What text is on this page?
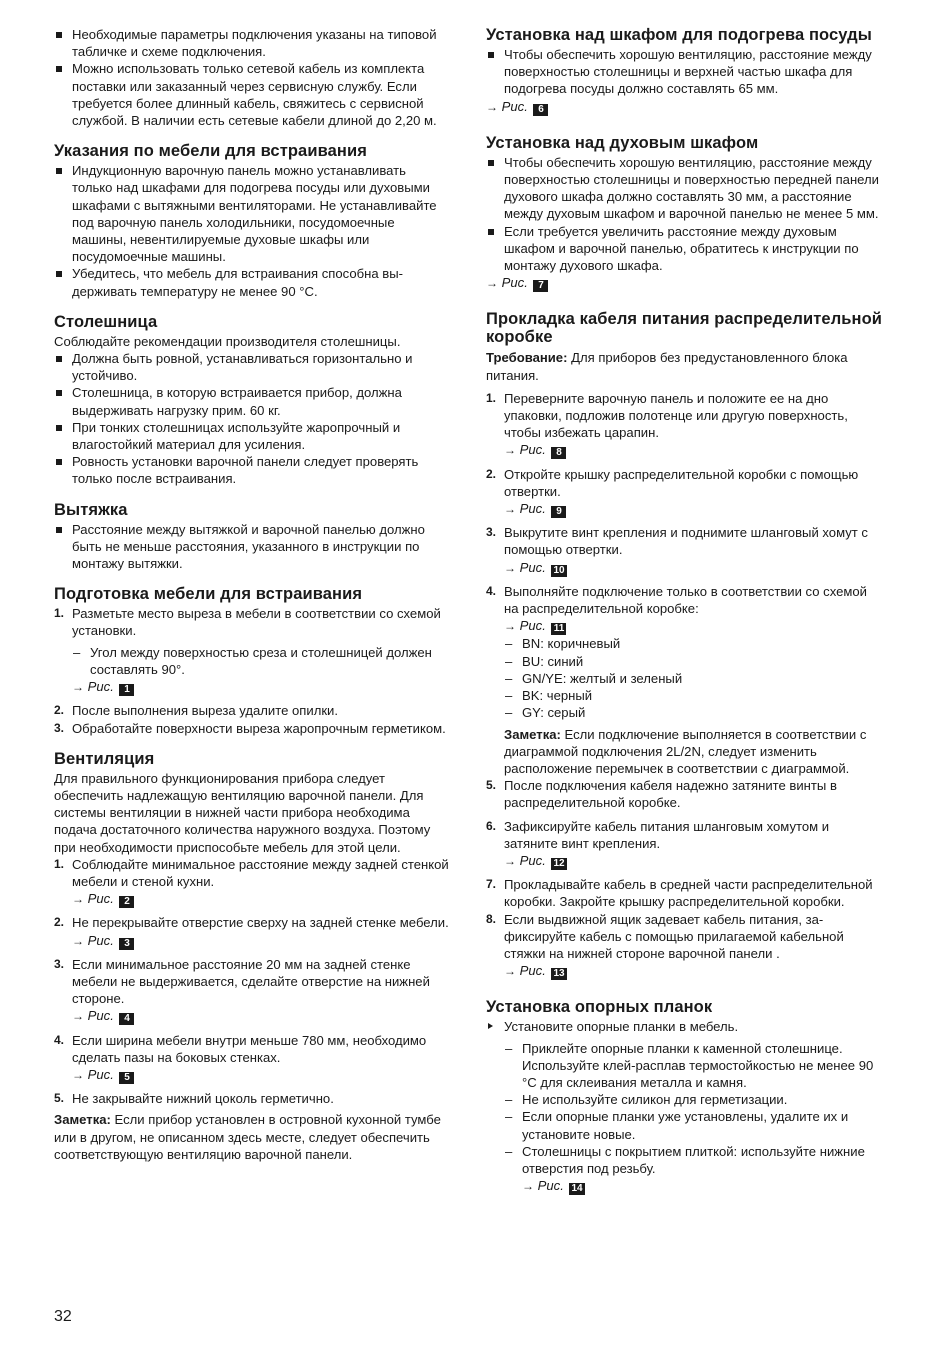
Необходимые параметры подключения указаны на типовой табличке и схеме подключения.
Можно использовать только сетевой кабель из комплекта поставки или заказанный через сервисную службу. Если требуется более длинный кабель, свяжитесь с сервисной службой. В наличии есть сетевые кабели длиной до 2,20 м.
Указания по мебели для встраивания
Индукционную варочную панель можно устанавливать только над шкафами для подогрева посуды или духовыми шкафами с вытяжными вентиляторами. Не устанавливайте под варочную панель холодильники, посудомоечные машины, невентилируемые духовые шкафы или посудомоечные машины.
Убедитесь, что мебель для встраивания способна выдерживать температуру не менее 90 °C.
Столешница

Соблюдайте рекомендации производителя столешницы.

Должна быть ровной, устанавливаться горизонтально и устойчиво.
Столешница, в которую встраивается прибор, должна выдерживать нагрузку прим. 60 кг.
При тонких столешницах используйте жаропрочный и влагостойкий материал для усиления.
Ровность установки варочной панели следует проверять только после встраивания.
Вытяжка
Расстояние между вытяжкой и варочной панелью должно быть не меньше расстояния, указанного в инструкции по монтажу вытяжки.
Подготовка мебели для встраивания
1. Разметьте место выреза в мебели в соответствии со схемой установки.
– Угол между поверхностью среза и столешницей должен составлять 90°.
→ Рис. 1
2. После выполнения выреза удалите опилки.
3. Обработайте поверхности выреза жаропрочным герметиком.
Вентиляция

Для правильного функционирования прибора следует обеспечить надлежащую вентиляцию варочной панели. Для системы вентиляции в нижней части прибора необходима подача достаточного количества наружного воздуха. Поэтому при необходимости приспособьте мебель для этой цели.

1. Соблюдайте минимальное расстояние между задней стенкой мебели и стеной кухни.
→ Рис. 2
2. Не перекрывайте отверстие сверху на задней стенке мебели.
→ Рис. 3
3. Если минимальное расстояние 20 мм на задней стенке мебели не выдерживается, сделайте отверстие на нижней стороне.
→ Рис. 4
4. Если ширина мебели внутри меньше 780 мм, необходимо сделать пазы на боковых стенках.
→ Рис. 5
5. Не закрывайте нижний цоколь герметично.

Заметка: Если прибор установлен в островной кухонной тумбе или в другом, не описанном здесь месте, следует обеспечить соответствующую вентиляцию варочной панели.

Установка над шкафом для подогрева посуды
Чтобы обеспечить хорошую вентиляцию, расстояние между поверхностью столешницы и верхней частью шкафа для подогрева посуды должно составлять 65 мм.
→ Рис. 6
Установка над духовым шкафом
Чтобы обеспечить хорошую вентиляцию, расстояние между поверхностью столешницы и поверхностью передней панели духового шкафа должно составлять 30 мм, а расстояние между духовым шкафом и варочной панелью не менее 5 мм.
Если требуется увеличить расстояние между духовым шкафом и варочной панелью, обратитесь к инструкции по монтажу духового шкафа.
→ Рис. 7
Прокладка кабеля питания распределительной коробке

Требование: Для приборов без предустановленного блока питания.

1. Переверните варочную панель и положите ее на дно упаковки, подложив полотенце или другую поверхность, чтобы избежать царапин.
→ Рис. 8
2. Откройте крышку распределительной коробки с помощью отвертки.
→ Рис. 9
3. Выкрутите винт крепления и поднимите шланговый хомут с помощью отвертки.
→ Рис. 10
4. Выполняйте подключение только в соответствии со схемой на распределительной коробке:
→ Рис. 11
– BN: коричневый
– BU: синий
– GN/YE: желтый и зеленый
– BK: черный
– GY: серый

Заметка: Если подключение выполняется в соответствии с диаграммой подключения 2L/2N, следует изменить расположение перемычек в соответствии с диаграммой.

5. После подключения кабеля надежно затяните винты в распределительной коробке.
6. Зафиксируйте кабель питания шланговым хомутом и затяните винт крепления.
→ Рис. 12
7. Прокладывайте кабель в средней части распределительной коробки. Закройте крышку распределительной коробки.
8. Если выдвижной ящик задевает кабель питания, зафиксируйте кабель с помощью прилагаемой кабельной стяжки на нижней стороне варочной панели .
→ Рис. 13
Установка опорных планок
Установите опорные планки в мебель.
– Приклейте опорные планки к каменной столешнице. Используйте клей-расплав термостойкостью не менее 90 °C для склеивания металла и камня.
– Не используйте силикон для герметизации.
– Если опорные планки уже установлены, удалите их и установите новые.
– Столешницы с покрытием плиткой: используйте нижние отверстия под резьбу.
→ Рис. 14
32
